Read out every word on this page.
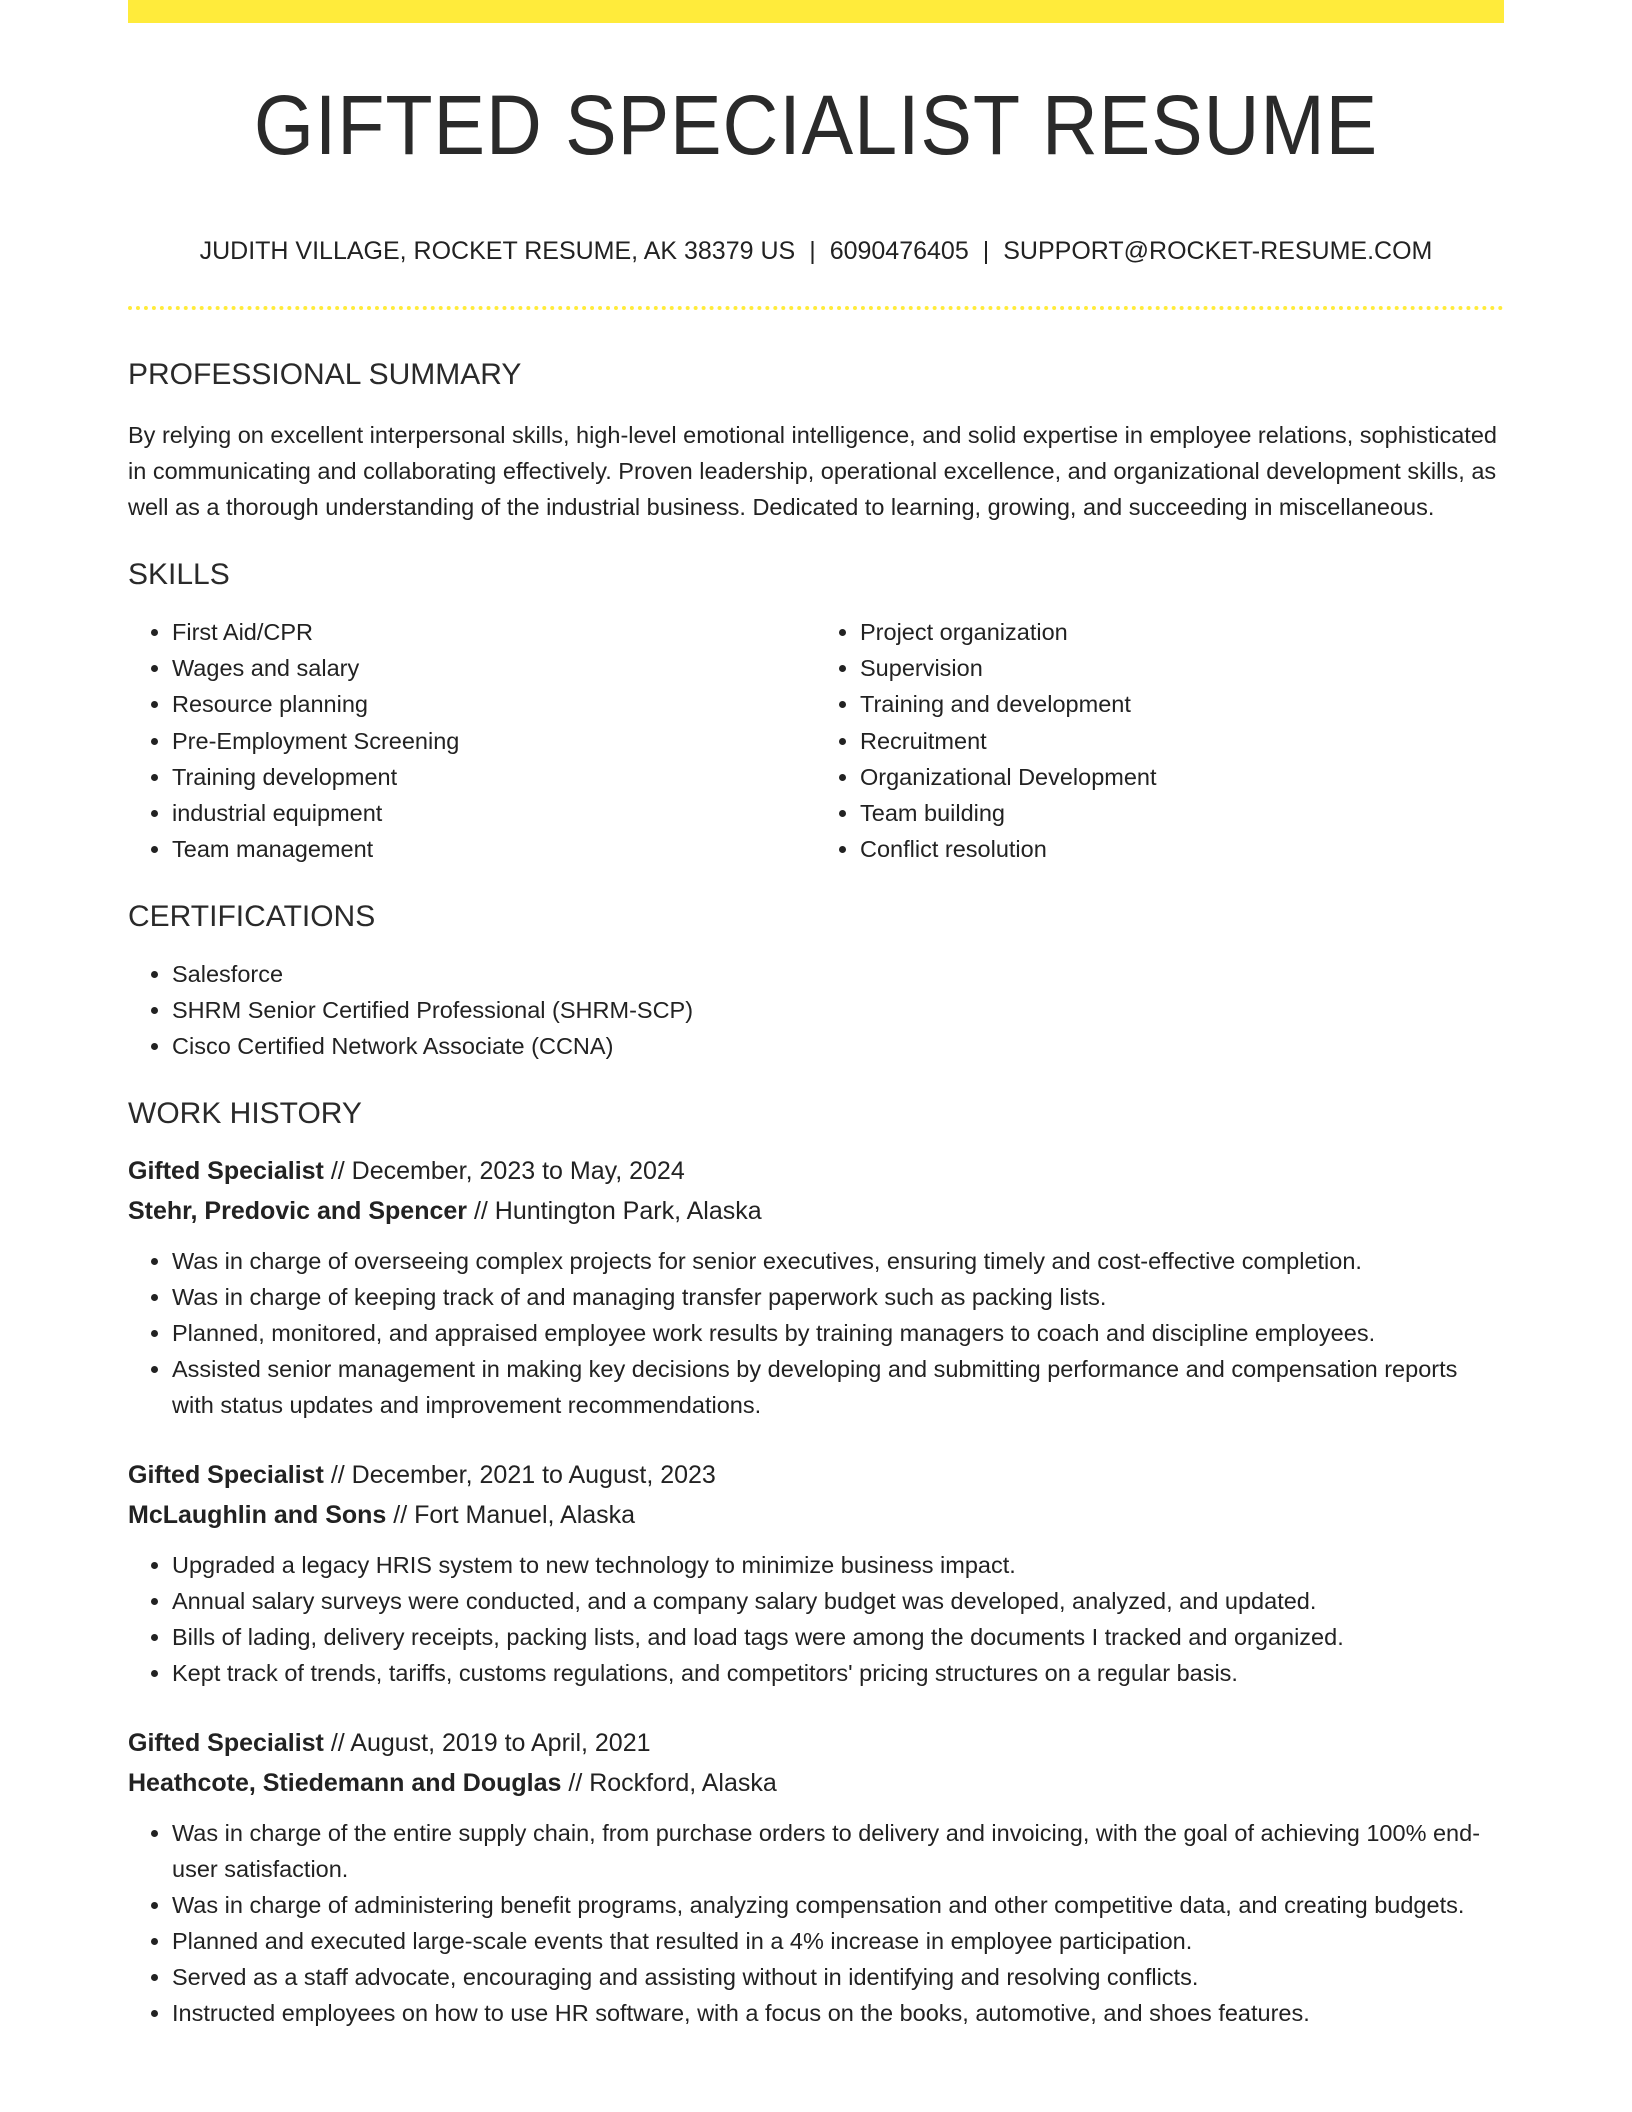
GIFTED SPECIALIST RESUME
JUDITH VILLAGE, ROCKET RESUME, AK 38379 US | 6090476405 | SUPPORT@ROCKET-RESUME.COM
PROFESSIONAL SUMMARY

By relying on excellent interpersonal skills, high-level emotional intelligence, and solid expertise in employee relations, sophisticated in communicating and collaborating effectively. Proven leadership, operational excellence, and organizational development skills, as well as a thorough understanding of the industrial business. Dedicated to learning, growing, and succeeding in miscellaneous.

SKILLS
• First Aid/CPR
• Wages and salary
• Resource planning
• Pre-Employment Screening
• Training development
• industrial equipment
• Team management
• Project organization
• Supervision
• Training and development
• Recruitment
• Organizational Development
• Team building
• Conflict resolution
CERTIFICATIONS
• Salesforce
• SHRM Senior Certified Professional (SHRM-SCP)
• Cisco Certified Network Associate (CCNA)
WORK HISTORY
Gifted Specialist // December, 2023 to May, 2024
Stehr, Predovic and Spencer // Huntington Park, Alaska
• Was in charge of overseeing complex projects for senior executives, ensuring timely and cost-effective completion.
• Was in charge of keeping track of and managing transfer paperwork such as packing lists.
• Planned, monitored, and appraised employee work results by training managers to coach and discipline employees.
• Assisted senior management in making key decisions by developing and submitting performance and compensation reports with status updates and improvement recommendations.
Gifted Specialist // December, 2021 to August, 2023
McLaughlin and Sons // Fort Manuel, Alaska
• Upgraded a legacy HRIS system to new technology to minimize business impact.
• Annual salary surveys were conducted, and a company salary budget was developed, analyzed, and updated.
• Bills of lading, delivery receipts, packing lists, and load tags were among the documents I tracked and organized.
• Kept track of trends, tariffs, customs regulations, and competitors' pricing structures on a regular basis.
Gifted Specialist // August, 2019 to April, 2021
Heathcote, Stiedemann and Douglas // Rockford, Alaska
• Was in charge of the entire supply chain, from purchase orders to delivery and invoicing, with the goal of achieving 100% end-user satisfaction.
• Was in charge of administering benefit programs, analyzing compensation and other competitive data, and creating budgets.
• Planned and executed large-scale events that resulted in a 4% increase in employee participation.
• Served as a staff advocate, encouraging and assisting without in identifying and resolving conflicts.
• Instructed employees on how to use HR software, with a focus on the books, automotive, and shoes features.
